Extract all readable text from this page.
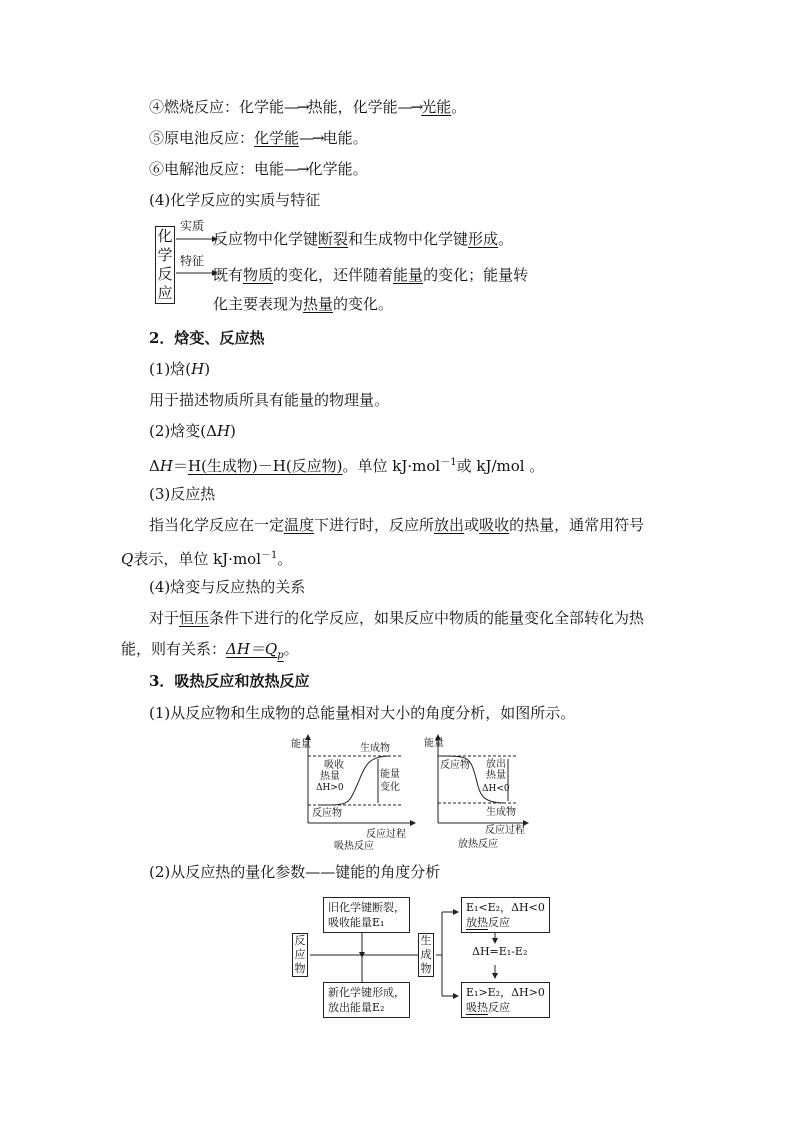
④燃烧反应：化学能—→热能，化学能—→光能。
⑤原电池反应：化学能—→电能。
⑥电解池反应：电能—→化学能。
(4)化学反应的实质与特征
化
学
反
应
实质
特征
反应物中化学键断裂和生成物中化学键形成。
既有物质的变化，还伴随着能量的变化；能量转
化主要表现为热量的变化。
2．焓变、反应热
(1)焓(H)
用于描述物质所具有能量的物理量。
(2)焓变(ΔH)
ΔH＝H(生成物)－H(反应物)。单位 kJ·mol$^{-1}$或 kJ/mol 。
(3)反应热
指当化学反应在一定温度下进行时，反应所放出或吸收的热量，通常用符号
Q表示，单位 kJ·mol$^{-1}$。
(4)焓变与反应热的关系
对于恒压条件下进行的化学反应，如果反应中物质的能量变化全部转化为热
能，则有关系：$\Delta H=Q_p$。
3．吸热反应和放热反应
(1)从反应物和生成物的总能量相对大小的角度分析，如图所示。
能量	生成物
吸收
热量
ΔH>0
能量
变化
反应物
反应过程
吸热反应
能量
反应物 放出
热量
ΔH<0
生成物
反应过程
放热反应
(2)从反应热的量化参数——键能的角度分析
反
应
物
生
成
物
旧化学键断裂，
吸收能量E₁
新化学键形成，
放出能量E₂
E₁<E₂，ΔH<0
放热反应
ΔH=E₁-E₂
E₁>E₂，ΔH>0
吸热反应
